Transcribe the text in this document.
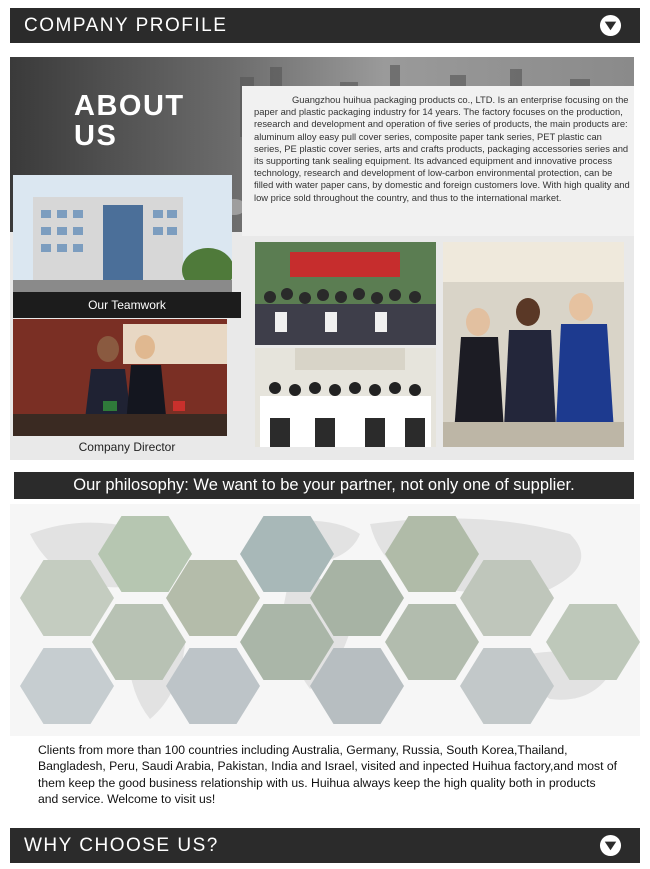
COMPANY PROFILE
ABOUT
US
Guangzhou huihua packaging products co., LTD. Is an enterprise focusing on the paper and plastic packaging industry for 14 years. The factory focuses on the production, research and development and operation of five series of products, the main products are: aluminum alloy easy pull cover series, composite paper tank series, PET plastic can series, PE plastic cover series, arts and crafts products, packaging accessories series and its supporting tank sealing equipment. Its advanced equipment and innovative process technology, research and development of low-carbon environmental protection, can be filled with water paper cans, by domestic and foreign customers love. With high quality and low price sold throughout the country, and thus to the international market.
Our Teamwork
Company Director
Our philosophy: We want to be your partner, not only one of supplier.
Clients from more than 100 countries including Australia, Germany, Russia, South Korea,Thailand, Bangladesh, Peru, Saudi Arabia, Pakistan, India and Israel, visited and inpected Huihua factory,and most of them keep the good business relationship with us. Huihua always keep the high quality both in products and service. Welcome to visit us!
WHY CHOOSE US?
